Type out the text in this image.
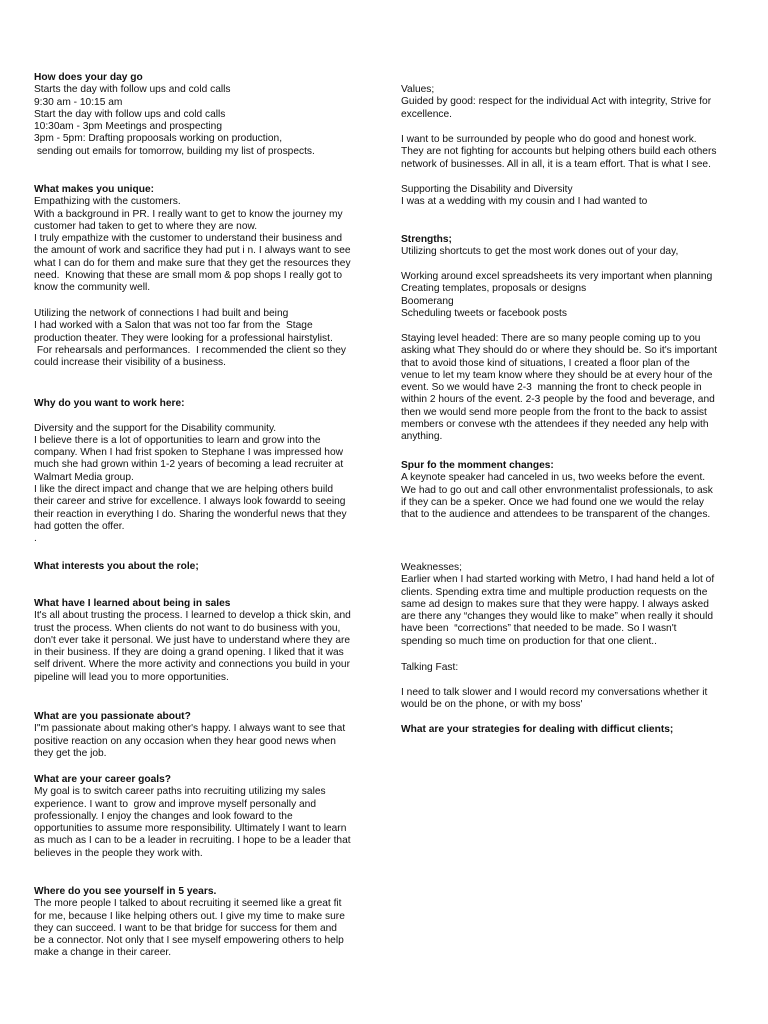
How does your day go
Starts the day with follow ups and cold calls
9:30 am - 10:15 am
Start the day with follow ups and cold calls
10:30am - 3pm Meetings and prospecting
3pm - 5pm: Drafting propoosals working on production,
sending out emails for tomorrow, building my list of prospects.
What makes you unique:
Empathizing with the customers.
With a background in PR. I really want to get to know the journey my
customer had taken to get to where they are now.
I truly empathize with the customer to understand their business and
the amount of work and sacrifice they had put i n. I always want to see
what I can do for them and make sure that they get the resources they
need.  Knowing that these are small mom & pop shops I really got to
know the community well.
Utilizing the network of connections I had built and being
I had worked with a Salon that was not too far from the  Stage
production theater. They were looking for a professional hairstylist.
For rehearsals and performances.  I recommended the client so they
could increase their visibility of a business.
Why do you want to work here:
Diversity and the support for the Disability community.
I believe there is a lot of opportunities to learn and grow into the
company. When I had frist spoken to Stephane I was impressed how
much she had grown within 1-2 years of becoming a lead recruiter at
Walmart Media group.
I like the direct impact and change that we are helping others build
their career and strive for excellence. I always look fowardd to seeing
their reaction in everything I do. Sharing the wonderful news that they
had gotten the offer.
.
What interests you about the role;
What have I learned about being in sales
It's all about trusting the process. I learned to develop a thick skin, and
trust the process. When clients do not want to do business with you,
don't ever take it personal. We just have to understand where they are
in their business. If they are doing a grand opening. I liked that it was
self drivent. Where the more activity and connections you build in your
pipeline will lead you to more opportunities.
What are you passionate about?
I"m passionate about making other's happy. I always want to see that
positive reaction on any occasion when they hear good news when
they get the job.
What are your career goals?
My goal is to switch career paths into recruiting utilizing my sales
experience. I want to  grow and improve myself personally and
professionally. I enjoy the changes and look foward to the
opportunities to assume more responsibility. Ultimately I want to learn
as much as I can to be a leader in recruiting. I hope to be a leader that
believes in the people they work with.
Where do you see yourself in 5 years.
The more people I talked to about recruiting it seemed like a great fit
for me, because I like helping others out. I give my time to make sure
they can succeed. I want to be that bridge for success for them and
be a connector. Not only that I see myself empowering others to help
make a change in their career.
Values;
Guided by good: respect for the individual Act with integrity, Strive for
excellence.
I want to be surrounded by people who do good and honest work.
They are not fighting for accounts but helping others build each others
network of businesses. All in all, it is a team effort. That is what I see.
Supporting the Disability and Diversity
I was at a wedding with my cousin and I had wanted to
Strengths;
Utilizing shortcuts to get the most work dones out of your day,
Working around excel spreadsheets its very important when planning
Creating templates, proposals or designs
Boomerang
Scheduling tweets or facebook posts
Staying level headed: There are so many people coming up to you
asking what They should do or where they should be. So it's important
that to avoid those kind of situations, I created a floor plan of the
venue to let my team know where they should be at every hour of the
event. So we would have 2-3  manning the front to check people in
within 2 hours of the event. 2-3 people by the food and beverage, and
then we would send more people from the front to the back to assist
members or convese wth the attendees if they needed any help with
anything.
Spur fo the momment changes:
A keynote speaker had canceled in us, two weeks before the event.
We had to go out and call other envronmentalist professionals, to ask
if they can be a speker. Once we had found one we would the relay
that to the audience and attendees to be transparent of the changes.
Weaknesses;
Earlier when I had started working with Metro, I had hand held a lot of
clients. Spending extra time and multiple production requests on the
same ad design to makes sure that they were happy. I always asked
are there any “changes they would like to make” when really it should
have been  “corrections” that needed to be made. So I wasn't
spending so much time on production for that one client..
Talking Fast:
I need to talk slower and I would record my conversations whether it
would be on the phone, or with my boss'
What are your strategies for dealing with difficut clients;
